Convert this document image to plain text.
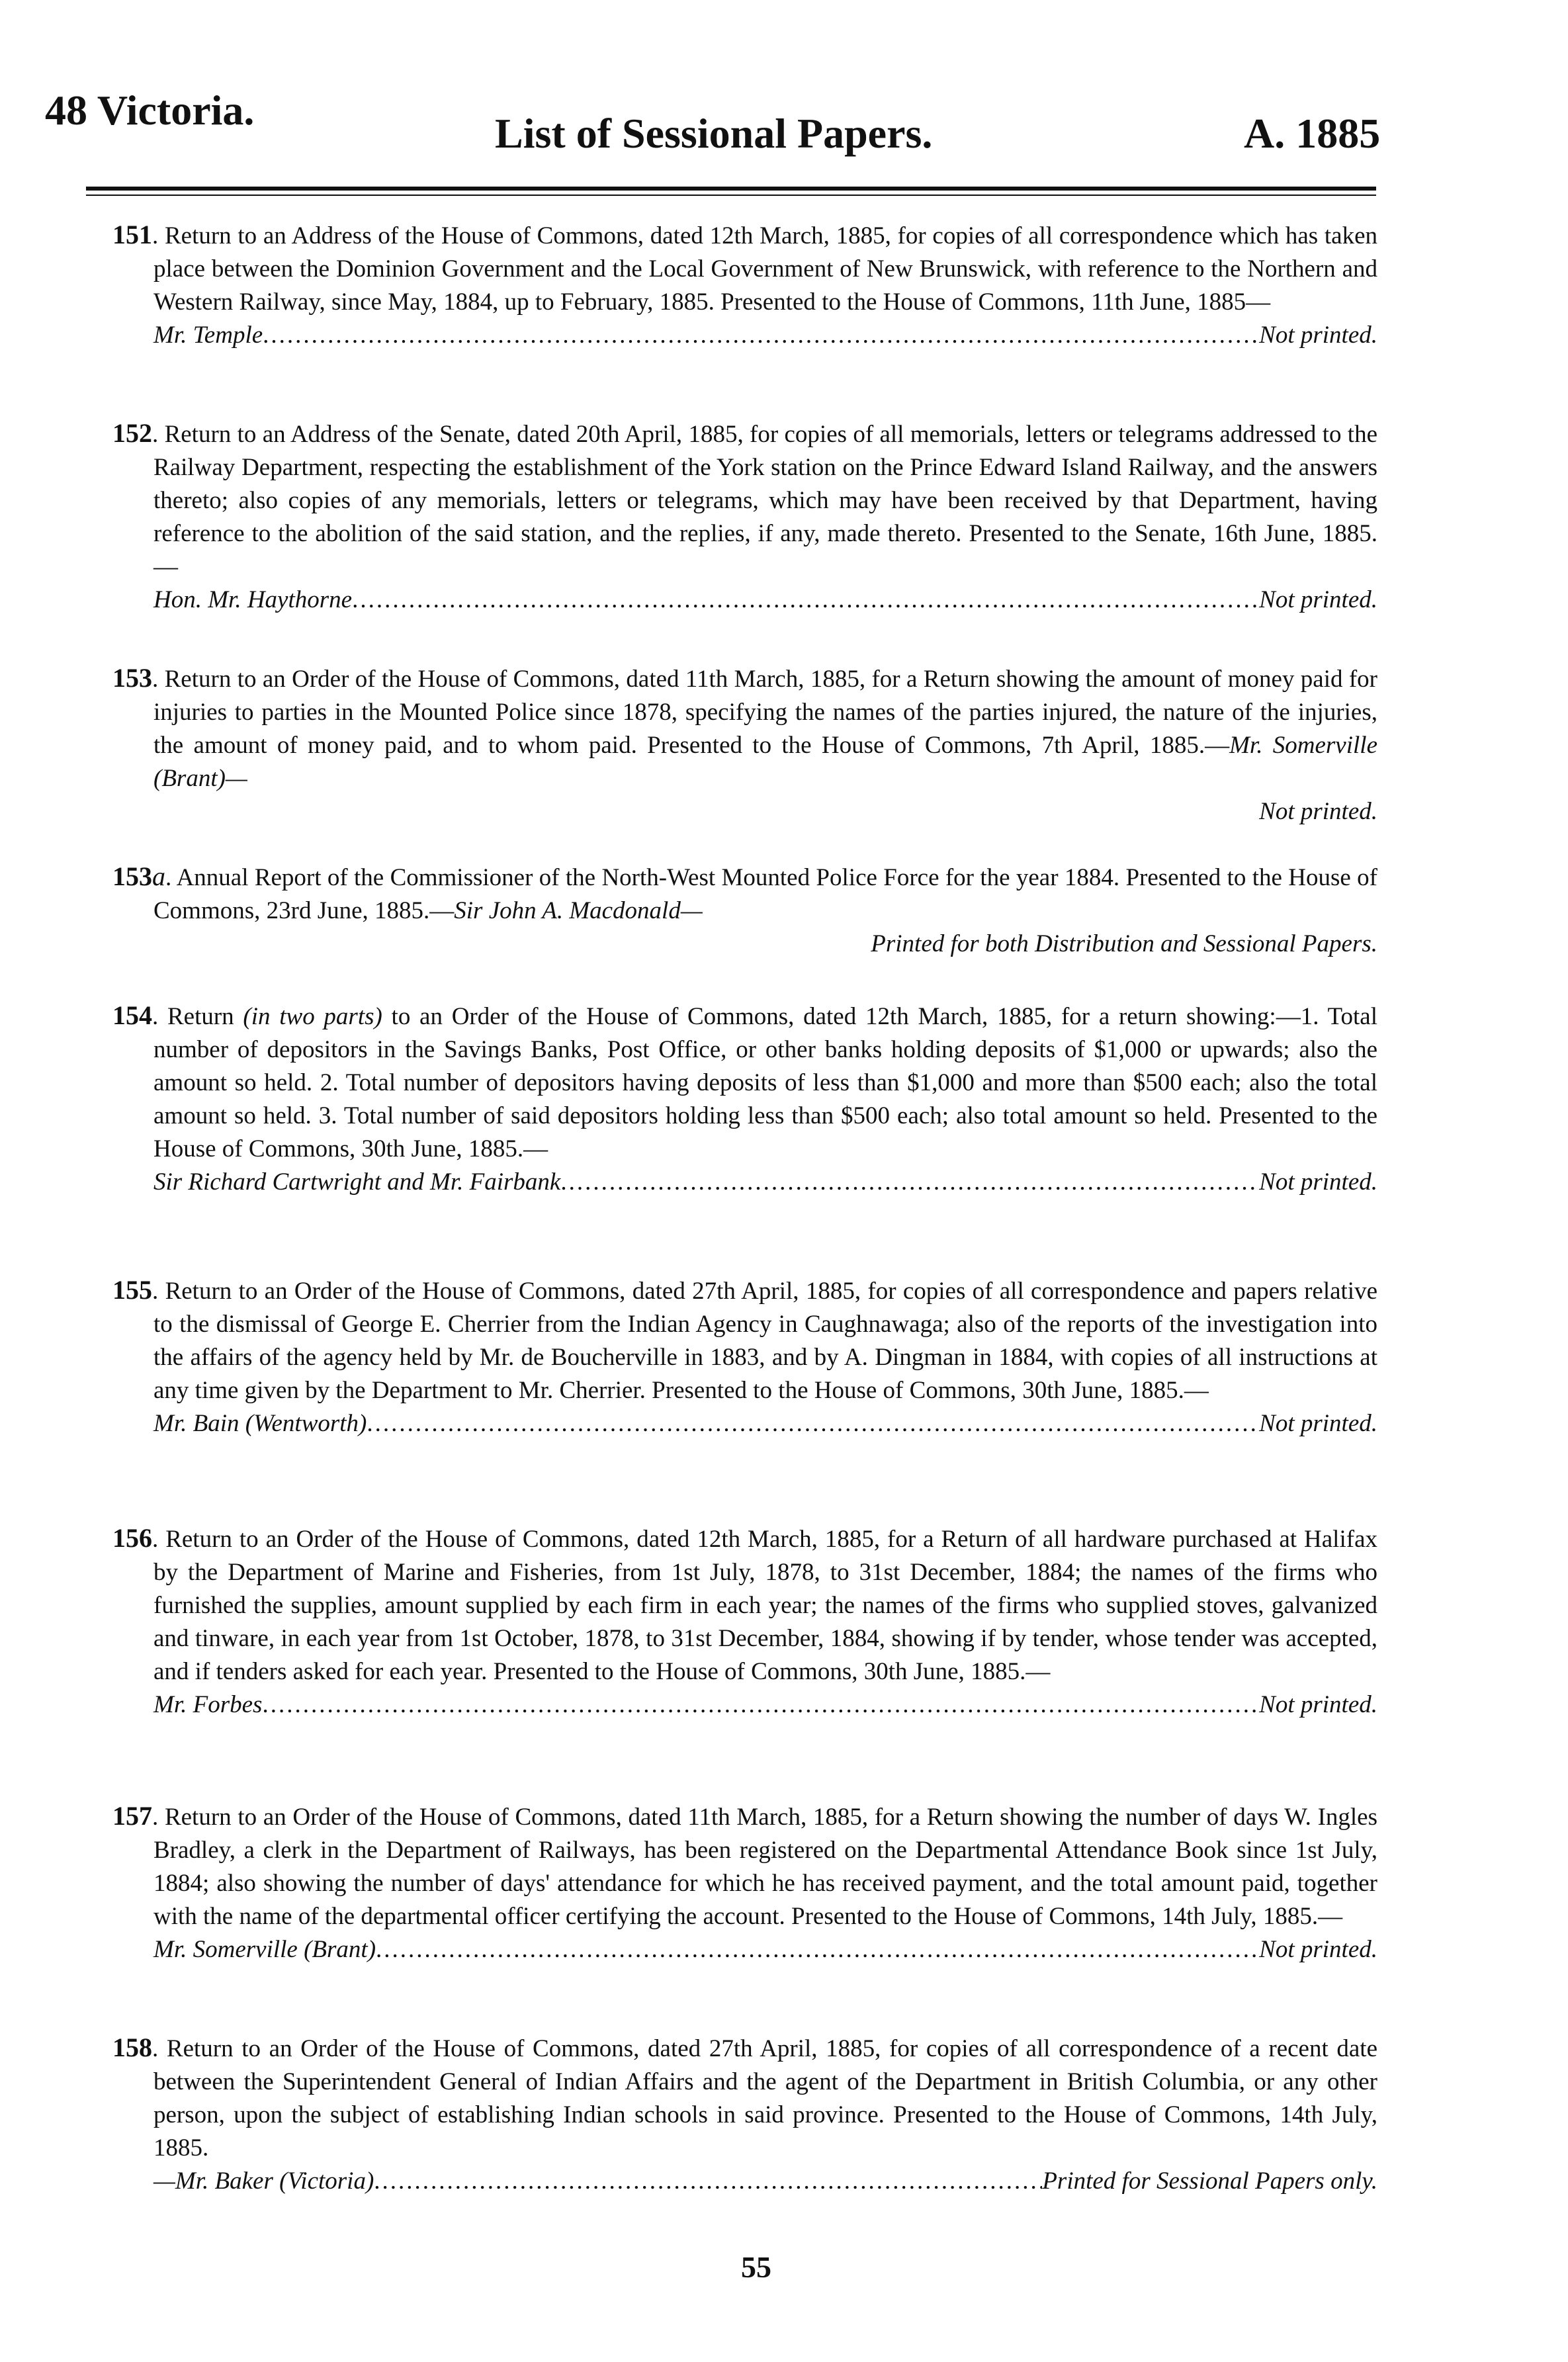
48 Victoria.	List of Sessional Papers.	A. 1885

151. Return to an Address of the House of Commons, dated 12th March, 1885, for copies of all correspondence which has taken place between the Dominion Government and the Local Government of New Brunswick, with reference to the Northern and Western Railway, since May, 1884, up to February, 1885. Presented to the House of Commons, 11th June, 1885—

Mr. Temple .....	Not printed.

152. Return to an Address of the Senate, dated 20th April, 1885, for copies of all memorials, letters or telegrams addressed to the Railway Department, respecting the establishment of the York station on the Prince Edward Island Railway, and the answers thereto; also copies of any memorials, letters or telegrams, which may have been received by that Department, having reference to the abolition of the said station, and the replies, if any, made thereto. Presented to the Senate, 16th June, 1885.—

Hon. Mr. Haythorne .....	Not printed.

153. Return to an Order of the House of Commons, dated 11th March, 1885, for a Return showing the amount of money paid for injuries to parties in the Mounted Police since 1878, specifying the names of the parties injured, the nature of the injuries, the amount of money paid, and to whom paid. Presented to the House of Commons, 7th April, 1885.—Mr. Somerville (Brant)—

Not printed.

153a. Annual Report of the Commissioner of the North-West Mounted Police Force for the year 1884. Presented to the House of Commons, 23rd June, 1885.—Sir John A. Macdonald—

Printed for both Distribution and Sessional Papers.

154. Return (in two parts) to an Order of the House of Commons, dated 12th March, 1885, for a return showing:—1. Total number of depositors in the Savings Banks, Post Office, or other banks holding deposits of $1,000 or upwards; also the amount so held. 2. Total number of depositors having deposits of less than $1,000 and more than $500 each; also the total amount so held. 3. Total number of said depositors holding less than $500 each; also total amount so held. Presented to the House of Commons, 30th June, 1885.—

Sir Richard Cartwright and Mr. Fairbank .....	Not printed.

155. Return to an Order of the House of Commons, dated 27th April, 1885, for copies of all correspondence and papers relative to the dismissal of George E. Cherrier from the Indian Agency in Caughnawaga; also of the reports of the investigation into the affairs of the agency held by Mr. de Boucherville in 1883, and by A. Dingman in 1884, with copies of all instructions at any time given by the Department to Mr. Cherrier. Presented to the House of Commons, 30th June, 1885.—

Mr. Bain (Wentworth) .....	Not printed.

156. Return to an Order of the House of Commons, dated 12th March, 1885, for a Return of all hardware purchased at Halifax by the Department of Marine and Fisheries, from 1st July, 1878, to 31st December, 1884; the names of the firms who furnished the supplies, amount supplied by each firm in each year; the names of the firms who supplied stoves, galvanized and tinware, in each year from 1st October, 1878, to 31st December, 1884, showing if by tender, whose tender was accepted, and if tenders asked for each year. Presented to the House of Commons, 30th June, 1885.—

Mr. Forbes .....	Not printed.

157. Return to an Order of the House of Commons, dated 11th March, 1885, for a Return showing the number of days W. Ingles Bradley, a clerk in the Department of Railways, has been registered on the Departmental Attendance Book since 1st July, 1884; also showing the number of days' attendance for which he has received payment, and the total amount paid, together with the name of the departmental officer certifying the account. Presented to the House of Commons, 14th July, 1885.—

Mr. Somerville (Brant) .....	Not printed.

158. Return to an Order of the House of Commons, dated 27th April, 1885, for copies of all correspondence of a recent date between the Superintendent General of Indian Affairs and the agent of the Department in British Columbia, or any other person, upon the subject of establishing Indian schools in said province. Presented to the House of Commons, 14th July, 1885.

—Mr. Baker (Victoria) .....	Printed for Sessional Papers only.
55
